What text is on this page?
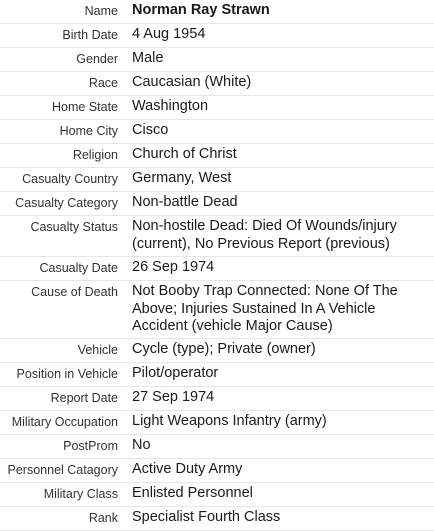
Name Norman Ray Strawn
Birth Date 4 Aug 1954
Gender Male
Race Caucasian (White)
Home State Washington
Home City Cisco
Religion Church of Christ
Casualty Country Germany, West
Casualty Category Non-battle Dead
Casualty Status Non-hostile Dead: Died Of Wounds/injury (current), No Previous Report (previous)
Casualty Date 26 Sep 1974
Cause of Death Not Booby Trap Connected: None Of The Above; Injuries Sustained In A Vehicle Accident (vehicle Major Cause)
Vehicle Cycle (type); Private (owner)
Position in Vehicle Pilot/operator
Report Date 27 Sep 1974
Military Occupation Light Weapons Infantry (army)
PostProm No
Personnel Catagory Active Duty Army
Military Class Enlisted Personnel
Rank Specialist Fourth Class
